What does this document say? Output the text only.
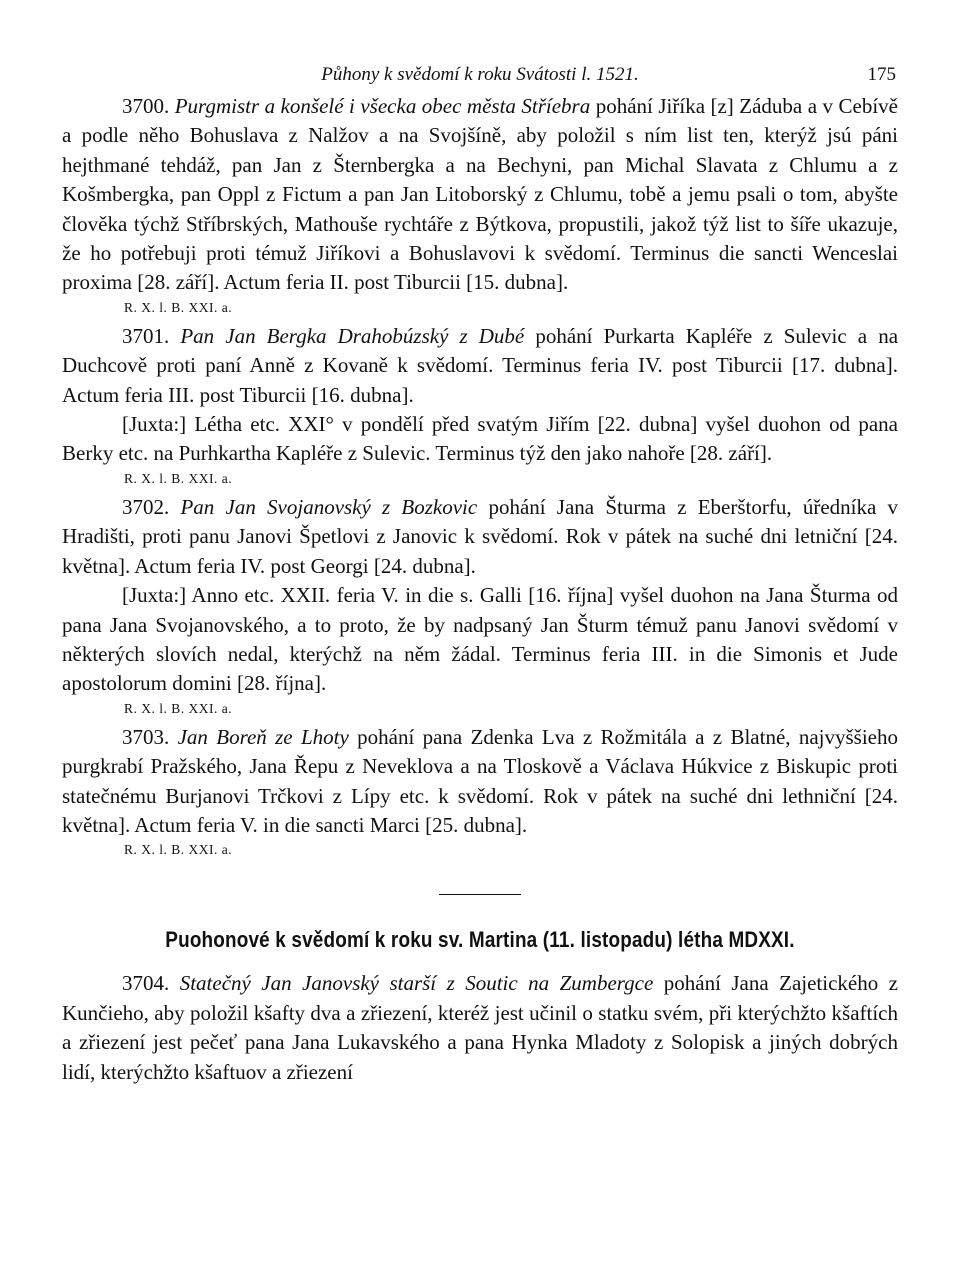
Půhony k svědomí k roku Svátosti l. 1521.	175

3700. Purgmistr a konšelé i všecka obec města Stříebra pohání Jiříka [z] Záduba a v Cebívě a podle něho Bohuslava z Nalžov a na Svojšíně, aby položil s ním list ten, kterýž jsú páni hejthmané tehdáž, pan Jan z Šternbergka a na Bechyni, pan Michal Slavata z Chlumu a z Košmbergka, pan Oppl z Fictum a pan Jan Litoborský z Chlumu, tobě a jemu psali o tom, abyšte člověka týchž Stříbrských, Mathouše rychtáře z Býtkova, propustili, jakož týž list to šíře ukazuje, že ho potřebuji proti témuž Jiříkovi a Bohuslavovi k svědomí. Terminus die sancti Wenceslai proxima [28. září]. Actum feria II. post Tiburcii [15. dubna].

R. X. l. B. XXI. a.

3701. Pan Jan Bergka Drahobúzský z Dubé pohání Purkarta Kapléře z Sulevic a na Duchcově proti paní Anně z Kovaně k svědomí. Terminus feria IV. post Tiburcii [17. dubna]. Actum feria III. post Tiburcii [16. dubna].

[Juxta:] Létha etc. XXI° v pondělí před svatým Jiřím [22. dubna] vyšel duohon od pana Berky etc. na Purhkartha Kapléře z Sulevic. Terminus týž den jako nahoře [28. září].

R. X. l. B. XXI. a.

3702. Pan Jan Svojanovský z Bozkovic pohání Jana Šturma z Eberštorfu, úředníka v Hradišti, proti panu Janovi Špetlovi z Janovic k svědomí. Rok v pátek na suché dni letniční [24. května]. Actum feria IV. post Georgi [24. dubna].

[Juxta:] Anno etc. XXII. feria V. in die s. Galli [16. října] vyšel duohon na Jana Šturma od pana Jana Svojanovského, a to proto, že by nadpsaný Jan Šturm témuž panu Janovi svědomí v některých slovích nedal, kterýchž na něm žádal. Terminus feria III. in die Simonis et Jude apostolorum domini [28. října].

R. X. l. B. XXI. a.

3703. Jan Boreň ze Lhoty pohání pana Zdenka Lva z Rožmitála a z Blatné, najvyššieho purgkrabí Pražského, Jana Řepu z Neveklova a na Tloskově a Václava Húkvice z Biskupic proti statečnému Burjanovi Trčkovi z Lípy etc. k svědomí. Rok v pátek na suché dni lethniční [24. května]. Actum feria V. in die sancti Marci [25. dubna].

R. X. l. B. XXI. a.
Puohonové k svědomí k roku sv. Martina (11. listopadu) létha MDXXI.

3704. Statečný Jan Janovský starší z Soutic na Zumbergce pohání Jana Zajetického z Kunčieho, aby položil kšafty dva a zřiezení, kteréž jest učinil o statku svém, při kterýchžto kšaftích a zřiezení jest pečeť pana Jana Lukavského a pana Hynka Mladoty z Solopisk a jiných dobrých lidí, kterýchžto kšaftuov a zřiezení
